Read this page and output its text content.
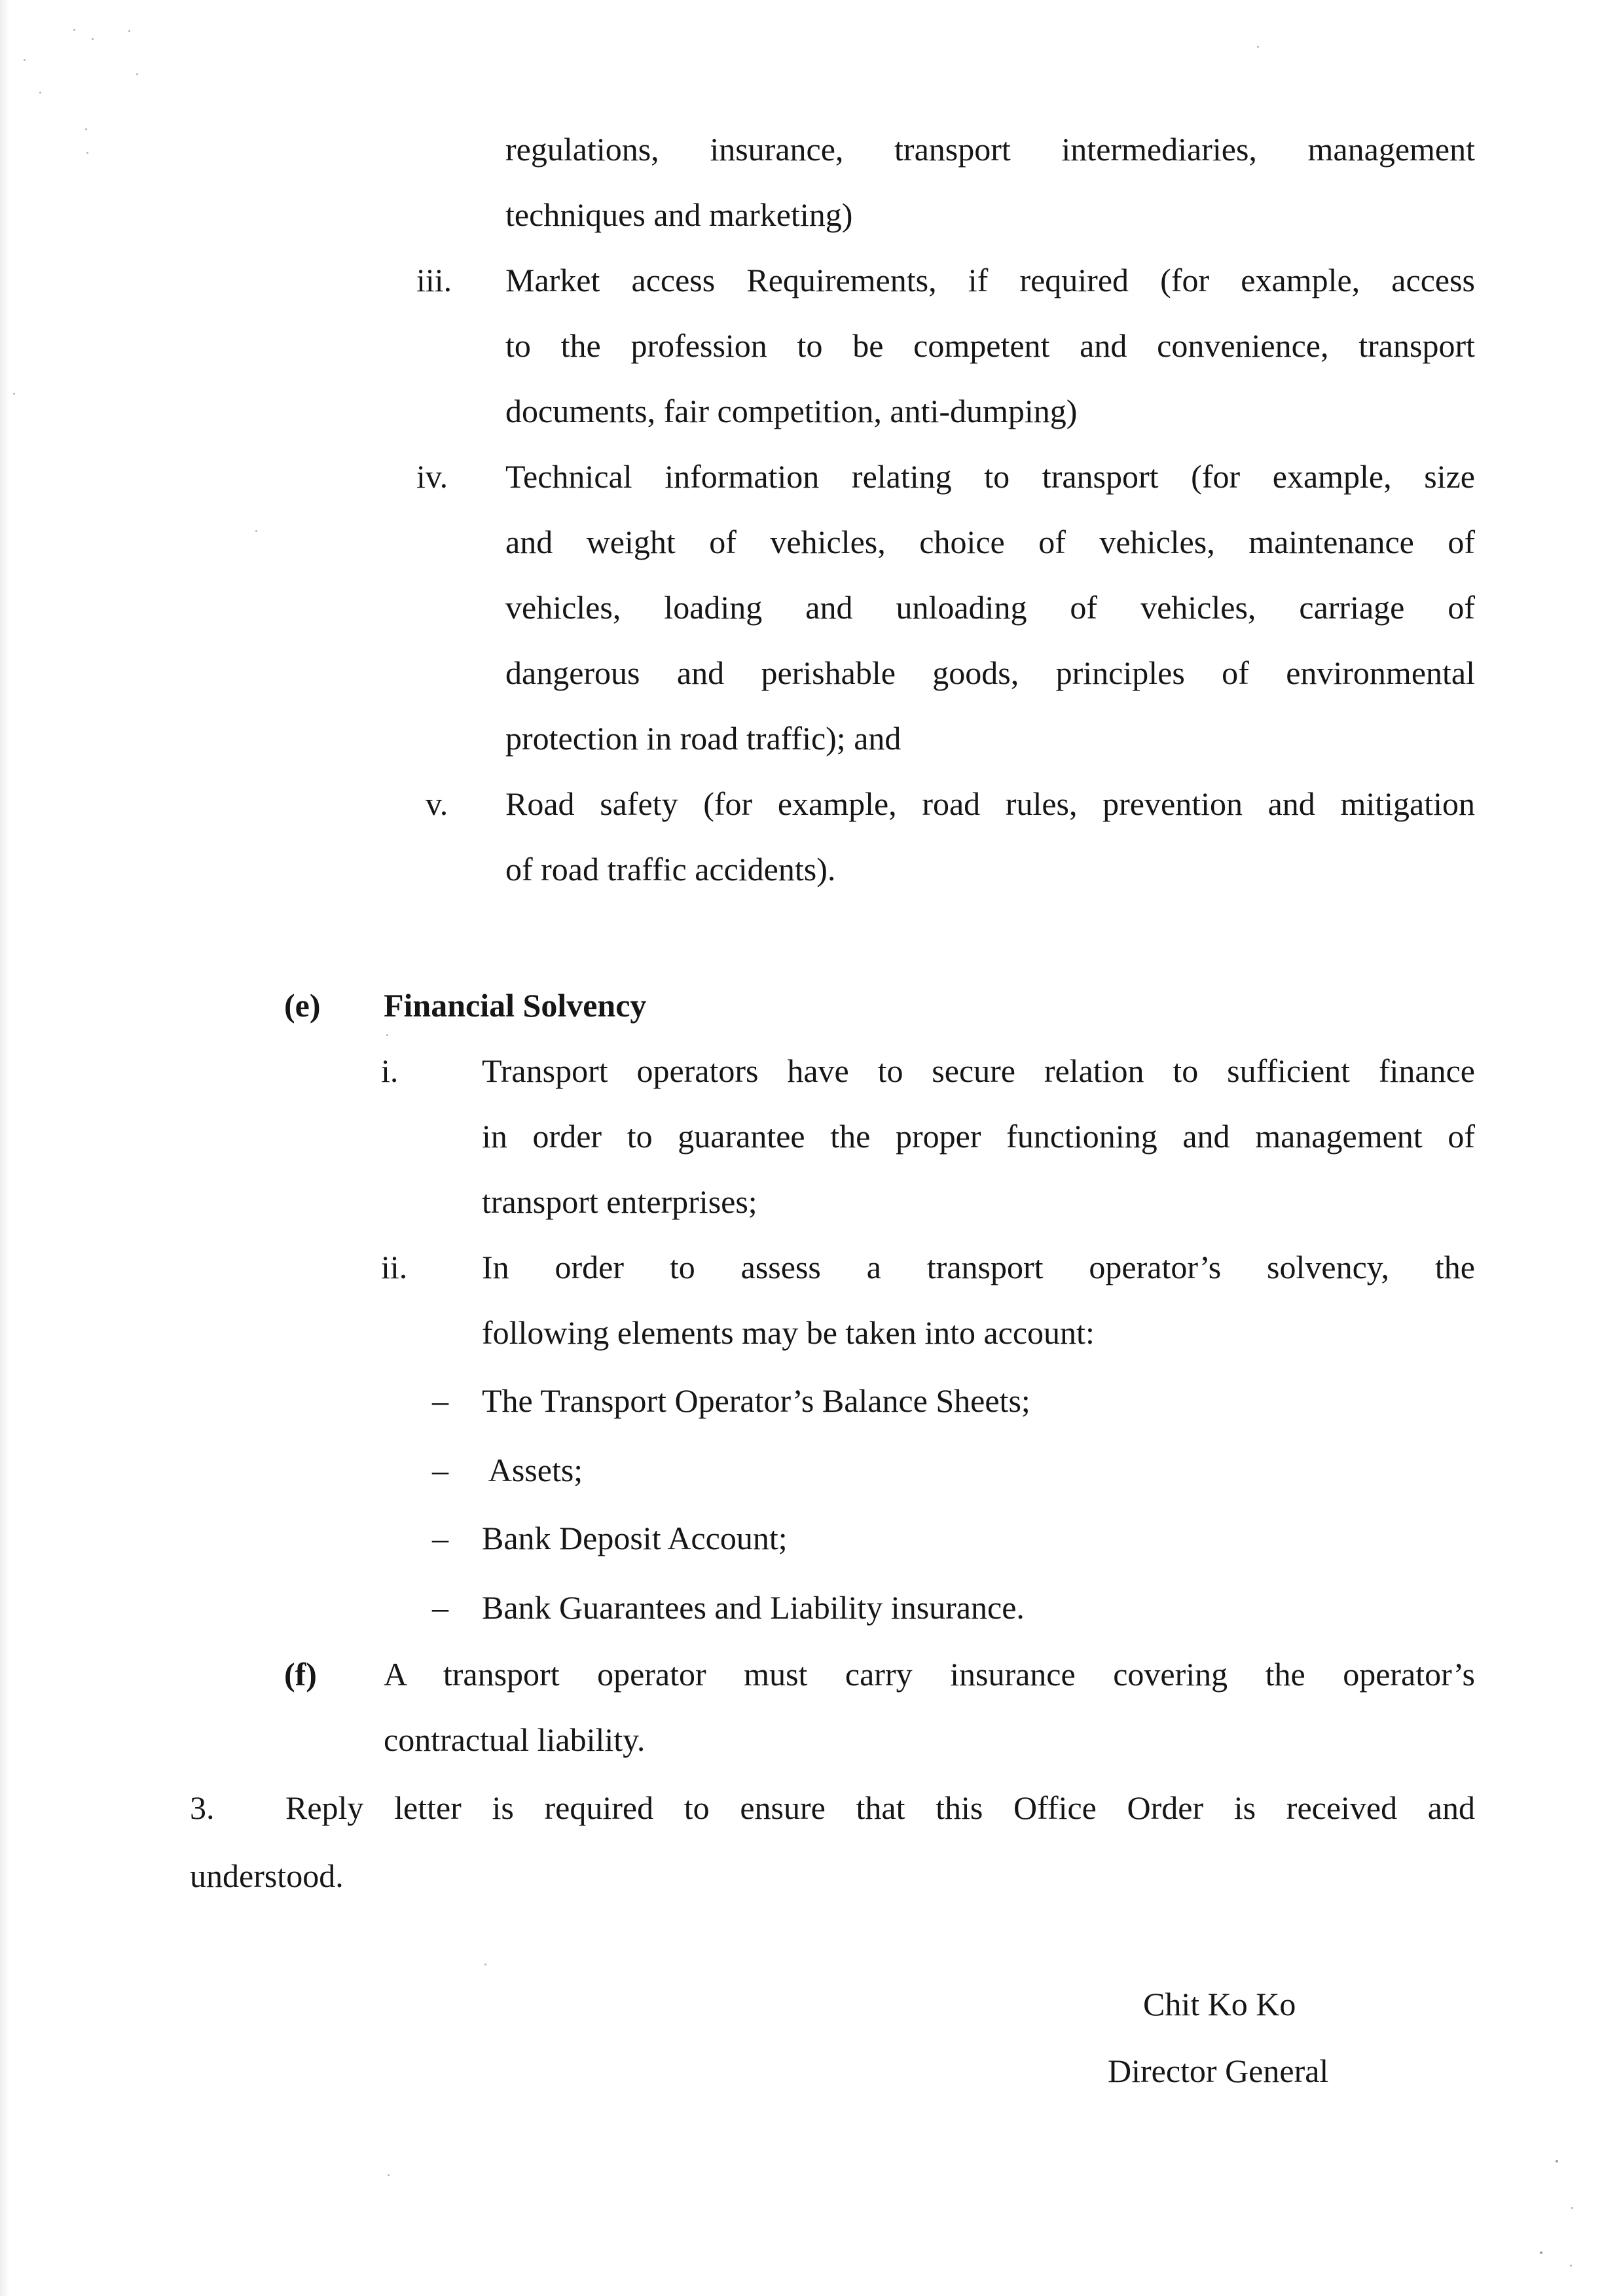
regulations, insurance, transport intermediaries, management
techniques and marketing)
iii. Market access Requirements, if required (for example, access
to the profession to be competent and convenience, transport
documents, fair competition, anti-dumping)
iv. Technical information relating to transport (for example, size
and weight of vehicles, choice of vehicles, maintenance of
vehicles, loading and unloading of vehicles, carriage of
dangerous and perishable goods, principles of environmental
protection in road traffic); and
v. Road safety (for example, road rules, prevention and mitigation
of road traffic accidents).
(e) Financial Solvency
i.	Transport operators have to secure relation to sufficient finance
in order to guarantee the proper functioning and management of
transport enterprises;
ii. In order to assess a transport operator’s solvency, the
following elements may be taken into account:
– The Transport Operator’s Balance Sheets;
– Assets;
– Bank Deposit Account;
– Bank Guarantees and Liability insurance.
(f) A transport operator must carry insurance covering the operator’s
contractual liability.
3. Reply letter is required to ensure that this Office Order is received and
understood.
Chit Ko Ko
Director General
